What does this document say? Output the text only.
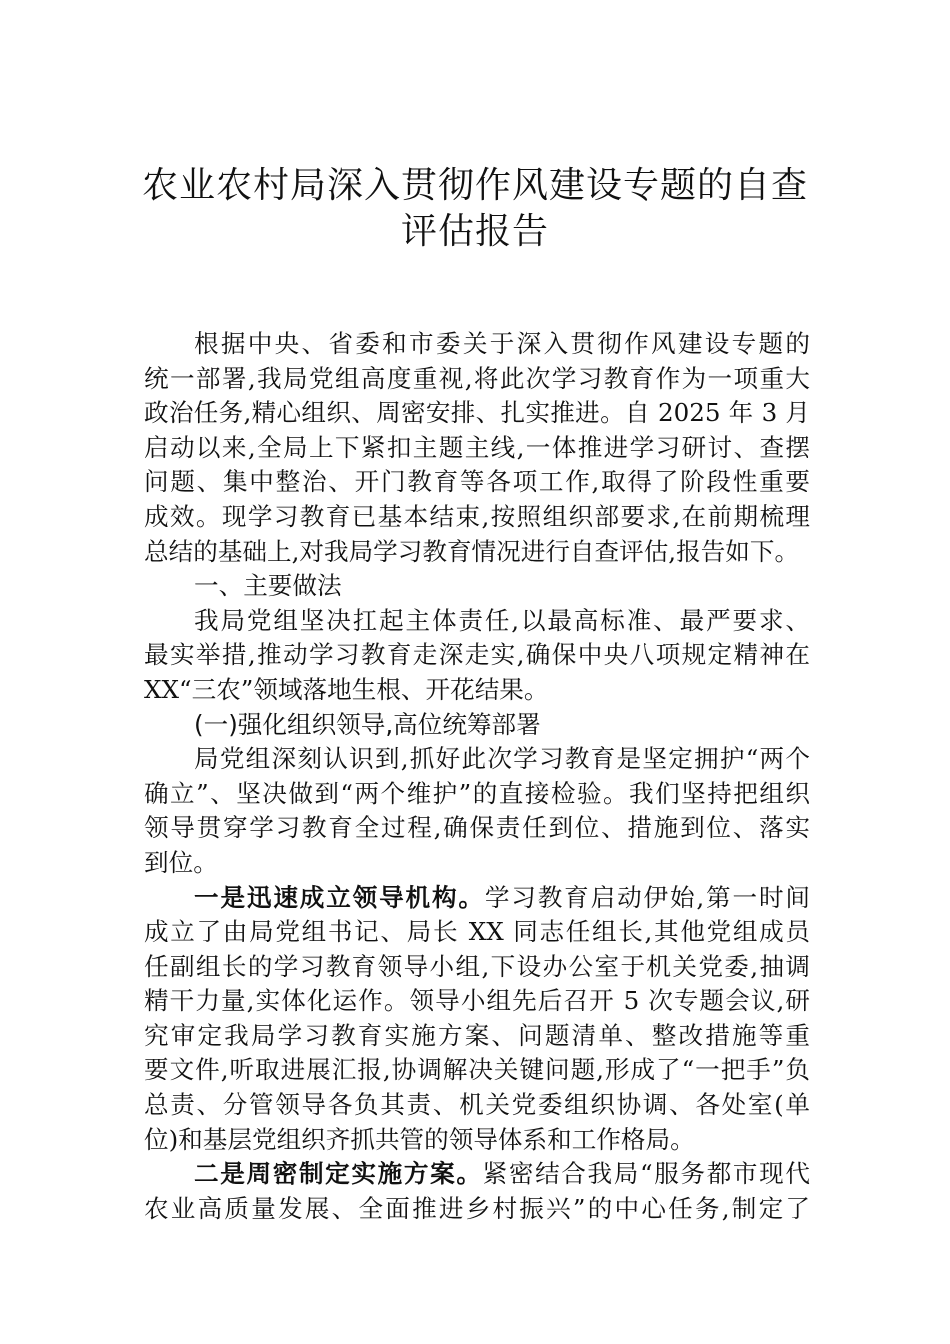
农业农村局深入贯彻作风建设专题的自查
评估报告
根据中央、省委和市委关于深入贯彻作风建设专题的
统一部署,我局党组高度重视,将此次学习教育作为一项重大
政治任务,精心组织、周密安排、扎实推进。自 2025 年 3 月
启动以来,全局上下紧扣主题主线,一体推进学习研讨、查摆
问题、集中整治、开门教育等各项工作,取得了阶段性重要
成效。现学习教育已基本结束,按照组织部要求,在前期梳理
总结的基础上,对我局学习教育情况进行自查评估,报告如下。
一、主要做法
我局党组坚决扛起主体责任,以最高标准、最严要求、
最实举措,推动学习教育走深走实,确保中央八项规定精神在
XX“三农”领域落地生根、开花结果。
(一)强化组织领导,高位统筹部署
局党组深刻认识到,抓好此次学习教育是坚定拥护“两个
确立”、坚决做到“两个维护”的直接检验。我们坚持把组织
领导贯穿学习教育全过程,确保责任到位、措施到位、落实
到位。
一是迅速成立领导机构。学习教育启动伊始,第一时间
成立了由局党组书记、局长 XX 同志任组长,其他党组成员
任副组长的学习教育领导小组,下设办公室于机关党委,抽调
精干力量,实体化运作。领导小组先后召开 5 次专题会议,研
究审定我局学习教育实施方案、问题清单、整改措施等重
要文件,听取进展汇报,协调解决关键问题,形成了“一把手”负
总责、分管领导各负其责、机关党委组织协调、各处室(单
位)和基层党组织齐抓共管的领导体系和工作格局。
二是周密制定实施方案。紧密结合我局“服务都市现代
农业高质量发展、全面推进乡村振兴”的中心任务,制定了
